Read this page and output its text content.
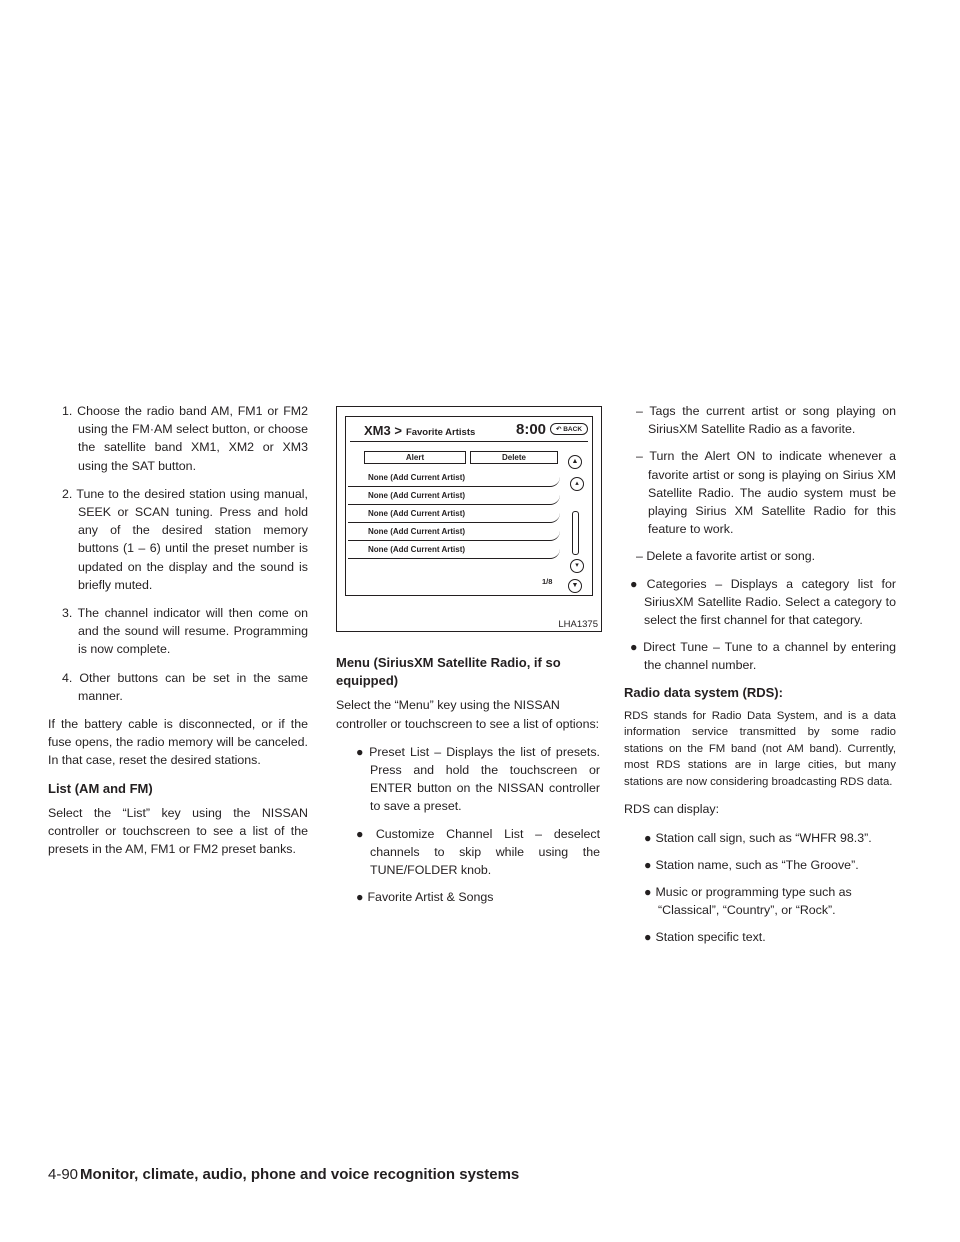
1. Choose the radio band AM, FM1 or FM2 using the FM·AM select button, or choose the satellite band XM1, XM2 or XM3 using the SAT button.

2. Tune to the desired station using manual, SEEK or SCAN tuning. Press and hold any of the desired station memory buttons (1 – 6) until the preset number is updated on the display and the sound is briefly muted.

3. The channel indicator will then come on and the sound will resume. Programming is now complete.

4. Other buttons can be set in the same manner.

If the battery cable is disconnected, or if the fuse opens, the radio memory will be canceled. In that case, reset the desired stations.

List (AM and FM)

Select the “List” key using the NISSAN controller or touchscreen to see a list of the presets in the AM, FM1 or FM2 preset banks.

XM3 > Favorite Artists	8:00	↶ BACK
Alert	Delete
None (Add Current Artist)
None (Add Current Artist)
None (Add Current Artist)
None (Add Current Artist)
None (Add Current Artist)
▲
▴
▾
▼
1/8
LHA1375
Menu (SiriusXM Satellite Radio, if so equipped)

Select the “Menu” key using the NISSAN controller or touchscreen to see a list of options:

● Preset List – Displays the list of presets. Press and hold the touchscreen or ENTER button on the NISSAN controller to save a preset.

● Customize Channel List – deselect channels to skip while using the TUNE/FOLDER knob.

● Favorite Artist & Songs

– Tags the current artist or song playing on SiriusXM Satellite Radio as a favorite.

– Turn the Alert ON to indicate whenever a favorite artist or song is playing on Sirius XM Satellite Radio. The audio system must be playing Sirius XM Satellite Radio for this feature to work.

– Delete a favorite artist or song.

● Categories – Displays a category list for SiriusXM Satellite Radio. Select a category to select the first channel for that category.

● Direct Tune – Tune to a channel by entering the channel number.

Radio data system (RDS):

RDS stands for Radio Data System, and is a data information service transmitted by some radio stations on the FM band (not AM band). Currently, most RDS stations are in large cities, but many stations are now considering broadcasting RDS data.

RDS can display:

● Station call sign, such as “WHFR 98.3”.

● Station name, such as “The Groove”.

● Music or programming type such as “Classical”, “Country”, or “Rock”.

● Station specific text.

4-90 Monitor, climate, audio, phone and voice recognition systems
